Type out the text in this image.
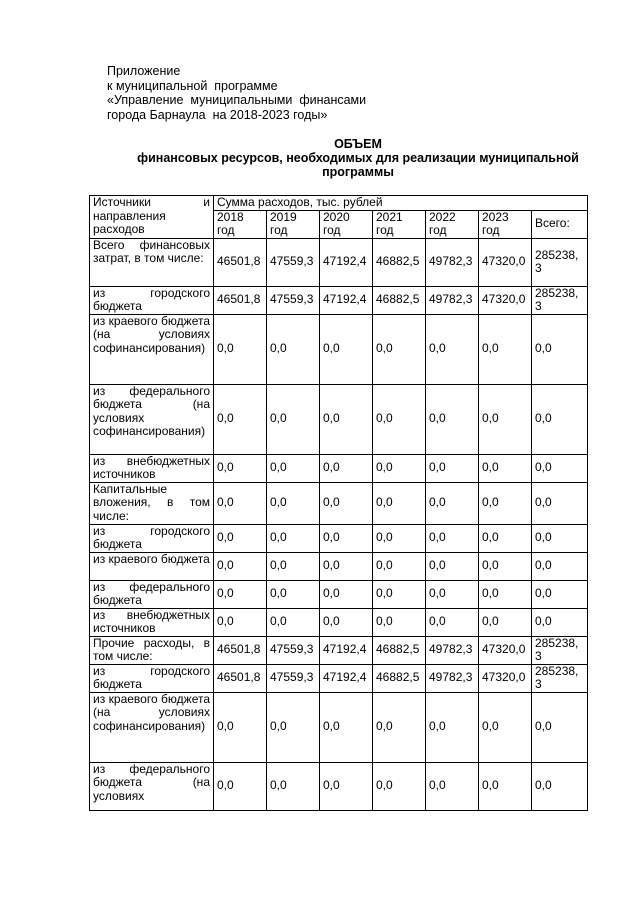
Приложение
к муниципальной  программе
«Управление  муниципальными  финансами
города Барнаула  на 2018-2023 годы»
ОБЪЕМ
финансовых ресурсов, необходимых для реализации муниципальной программы
Источники и направления расходов	Сумма расходов, тыс. рублей						
	2018 год	2019 год	2020 год	2021 год	2022 год	2023 год	Всего:
Всего финансовых затрат, в том числе:	46501,8	47559,3	47192,4	46882,5	49782,3	47320,0	285238,3
из городского бюджета	46501,8	47559,3	47192,4	46882,5	49782,3	47320,0	285238,3
из краевого бюджета (на условиях софинансирования)	0,0	0,0	0,0	0,0	0,0	0,0	0,0
из федерального бюджета (на условиях софинансирования)	0,0	0,0	0,0	0,0	0,0	0,0	0,0
из внебюджетных источников	0,0	0,0	0,0	0,0	0,0	0,0	0,0
Капитальные вложения, в том числе:	0,0	0,0	0,0	0,0	0,0	0,0	0,0
из городского бюджета	0,0	0,0	0,0	0,0	0,0	0,0	0,0
из краевого бюджета	0,0	0,0	0,0	0,0	0,0	0,0	0,0
из федерального бюджета	0,0	0,0	0,0	0,0	0,0	0,0	0,0
из внебюджетных источников	0,0	0,0	0,0	0,0	0,0	0,0	0,0
Прочие расходы, в том числе:	46501,8	47559,3	47192,4	46882,5	49782,3	47320,0	285238,3
из городского бюджета	46501,8	47559,3	47192,4	46882,5	49782,3	47320,0	285238,3
из краевого бюджета (на условиях софинансирования)	0,0	0,0	0,0	0,0	0,0	0,0	0,0
из федерального бюджета (на условиях	0,0	0,0	0,0	0,0	0,0	0,0	0,0
